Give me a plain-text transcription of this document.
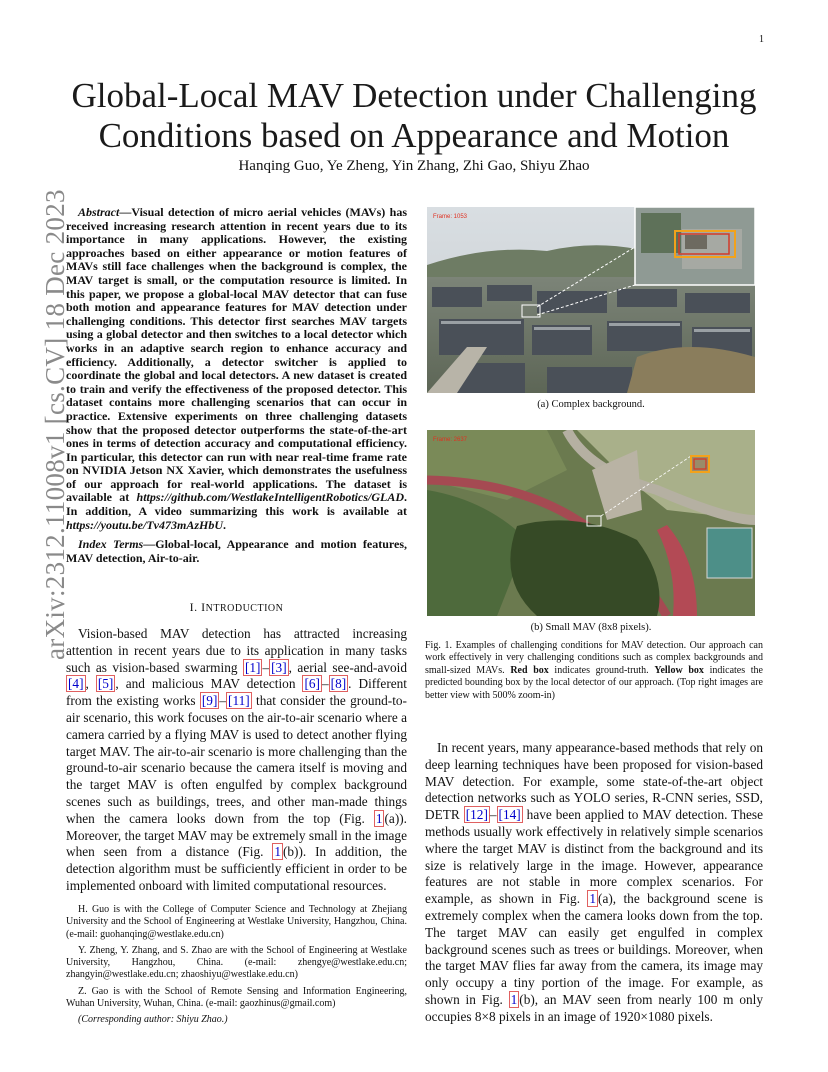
1
arXiv:2312.11008v1 [cs.CV] 18 Dec 2023
Global-Local MAV Detection under Challenging
Conditions based on Appearance and Motion
Hanqing Guo, Ye Zheng, Yin Zhang, Zhi Gao, Shiyu Zhao
Abstract—Visual detection of micro aerial vehicles (MAVs) has received increasing research attention in recent years due to its importance in many applications. However, the existing approaches based on either appearance or motion features of MAVs still face challenges when the background is complex, the MAV target is small, or the computation resource is limited. In this paper, we propose a global-local MAV detector that can fuse both motion and appearance features for MAV detection under challenging conditions. This detector first searches MAV targets using a global detector and then switches to a local detector which works in an adaptive search region to enhance accuracy and efficiency. Additionally, a detector switcher is applied to coordinate the global and local detectors. A new dataset is created to train and verify the effectiveness of the proposed detector. This dataset contains more challenging scenarios that can occur in practice. Extensive experiments on three challenging datasets show that the proposed detector outperforms the state-of-the-art ones in terms of detection accuracy and computational efficiency. In particular, this detector can run with near real-time frame rate on NVIDIA Jetson NX Xavier, which demonstrates the usefulness of our approach for real-world applications. The dataset is available at https://github.com/WestlakeIntelligentRobotics/GLAD. In addition, A video summarizing this work is available at https://youtu.be/Tv473mAzHbU.
Index Terms—Global-local, Appearance and motion features, MAV detection, Air-to-air.
I. INTRODUCTION
Vision-based MAV detection has attracted increasing attention in recent years due to its application in many tasks such as vision-based swarming [1] – [3] , aerial see-and-avoid [4] , [5] , and malicious MAV detection [6] – [8] . Different from the existing works [9] – [11] that consider the ground-to-air scenario, this work focuses on the air-to-air scenario where a camera carried by a flying MAV is used to detect another flying target MAV. The air-to-air scenario is more challenging than the ground-to-air scenario because the camera itself is moving and the target MAV is often engulfed by complex background scenes such as buildings, trees, and other man-made things when the camera looks down from the top (Fig. 1 (a)). Moreover, the target MAV may be extremely small in the image when seen from a distance (Fig. 1 (b)). In addition, the detection algorithm must be sufficiently efficient in order to be implemented onboard with limited computational resources.

H. Guo is with the College of Computer Science and Technology at Zhejiang University and the School of Engineering at Westlake University, Hangzhou, China. (e-mail: guohanqing@westlake.edu.cn)

Y. Zheng, Y. Zhang, and S. Zhao are with the School of Engineering at Westlake University, Hangzhou, China. (e-mail: zhengye@westlake.edu.cn; zhangyin@westlake.edu.cn; zhaoshiyu@westlake.edu.cn)

Z. Gao is with the School of Remote Sensing and Information Engineering, Wuhan University, Wuhan, China. (e-mail: gaozhinus@gmail.com)

(Corresponding author: Shiyu Zhao.)

Frame: 1053
(a) Complex background.
Frame: 2637
(b) Small MAV (8x8 pixels).
Fig. 1. Examples of challenging conditions for MAV detection. Our approach can work effectively in very challenging conditions such as complex backgrounds and small-sized MAVs. Red box indicates ground-truth. Yellow box indicates the predicted bounding box by the local detector of our approach. (Top right images are better view with 500% zoom-in)
In recent years, many appearance-based methods that rely on deep learning techniques have been proposed for vision-based MAV detection. For example, some state-of-the-art object detection networks such as YOLO series, R-CNN series, SSD, DETR [12] – [14] have been applied to MAV detection. These methods usually work effectively in relatively simple scenarios where the target MAV is distinct from the background and its size is relatively large in the image. However, appearance features are not stable in more complex scenarios. For example, as shown in Fig. 1 (a), the background scene is extremely complex when the camera looks down from the top. The target MAV can easily get engulfed in complex background scenes such as trees or buildings. Moreover, when the target MAV flies far away from the camera, its image may only occupy a tiny portion of the image. For example, as shown in Fig. 1 (b), an MAV seen from nearly 100 m only occupies 8×8 pixels in an image of 1920×1080 pixels.
